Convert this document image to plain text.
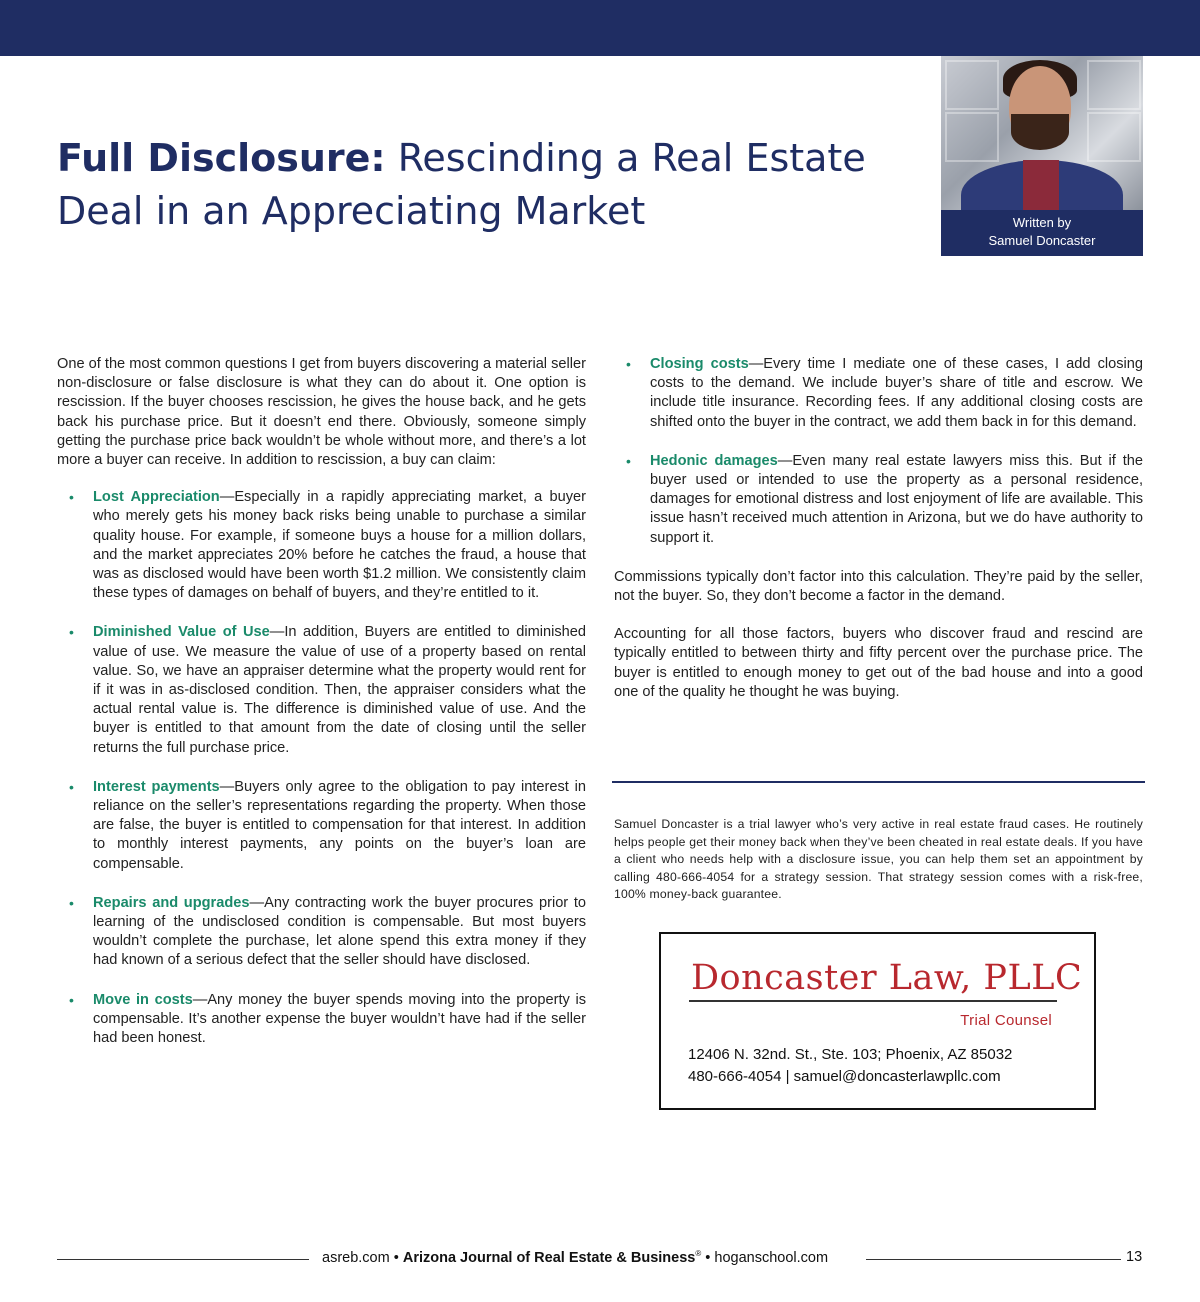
Full Disclosure: Rescinding a Real Estate Deal in an Appreciating Market	Written by
Samuel Doncaster

One of the most common questions I get from buyers discovering a material seller non-disclosure or false disclosure is what they can do about it. One option is rescission. If the buyer chooses rescission, he gives the house back, and he gets back his purchase price. But it doesn’t end there. Obviously, someone simply getting the purchase price back wouldn’t be whole without more, and there’s a lot more a buyer can receive. In addition to rescission, a buy can claim:

• Lost Appreciation—Especially in a rapidly appreciating market, a buyer who merely gets his money back risks being unable to purchase a similar quality house. For example, if someone buys a house for a million dollars, and the market appreciates 20% before he catches the fraud, a house that was as disclosed would have been worth $1.2 million. We consistently claim these types of damages on behalf of buyers, and they’re entitled to it.
• Diminished Value of Use—In addition, Buyers are entitled to diminished value of use. We measure the value of use of a property based on rental value. So, we have an appraiser determine what the property would rent for if it was in as-disclosed condition. Then, the appraiser considers what the actual rental value is. The difference is diminished value of use. And the buyer is entitled to that amount from the date of closing until the seller returns the full purchase price.
• Interest payments—Buyers only agree to the obligation to pay interest in reliance on the seller’s representations regarding the property. When those are false, the buyer is entitled to compensation for that interest. In addition to monthly interest payments, any points on the buyer’s loan are compensable.
• Repairs and upgrades—Any contracting work the buyer procures prior to learning of the undisclosed condition is compensable. But most buyers wouldn’t complete the purchase, let alone spend this extra money if they had known of a serious defect that the seller should have disclosed.
• Move in costs—Any money the buyer spends moving into the property is compensable. It’s another expense the buyer wouldn’t have had if the seller had been honest.
• Closing costs—Every time I mediate one of these cases, I add closing costs to the demand. We include buyer’s share of title and escrow. We include title insurance. Recording fees. If any additional closing costs are shifted onto the buyer in the contract, we add them back in for this demand.
• Hedonic damages—Even many real estate lawyers miss this. But if the buyer used or intended to use the property as a personal residence, damages for emotional distress and lost enjoyment of life are available. This issue hasn’t received much attention in Arizona, but we do have authority to support it.

Commissions typically don’t factor into this calculation. They’re paid by the seller, not the buyer. So, they don’t become a factor in the demand.

Accounting for all those factors, buyers who discover fraud and rescind are typically entitled to between thirty and fifty percent over the purchase price. The buyer is entitled to enough money to get out of the bad house and into a good one of the quality he thought he was buying.

Samuel Doncaster is a trial lawyer who’s very active in real estate fraud cases. He routinely helps people get their money back when they’ve been cheated in real estate deals. If you have a client who needs help with a disclosure issue, you can help them set an appointment by calling 480-666-4054 for a strategy session. That strategy session comes with a risk-free, 100% money-back guarantee.
Doncaster Law, PLLC
Trial Counsel
12406 N. 32nd. St., Ste. 103; Phoenix, AZ 85032
480-666-4054 | samuel@doncasterlawpllc.com
asreb.com • Arizona Journal of Real Estate & Business® • hoganschool.com	13
